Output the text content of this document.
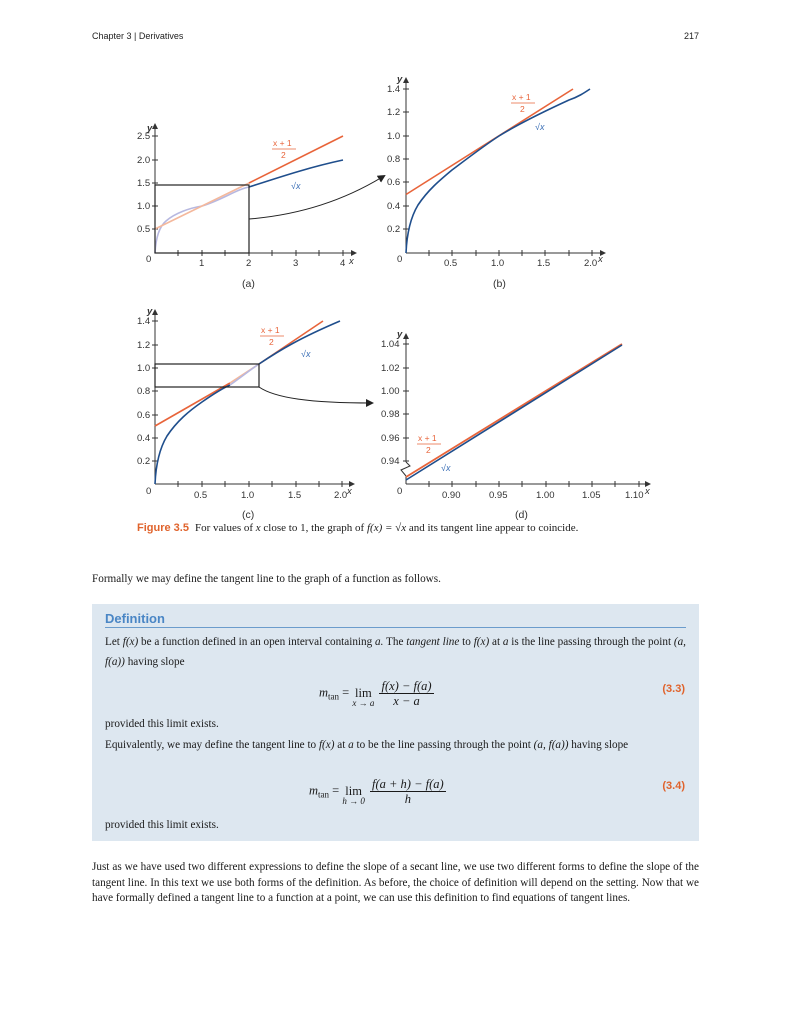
Chapter 3 | Derivatives	217
0	1	2	3	4 x
0.5
1.0
1.5
2.0
2.5
y
x + 1
2
√x
(a)
0	0.5	1.0	1.5	2.0 x
0.2
0.4
0.6
0.8
1.0
1.2
1.4
y
x + 1
2
√x
(b)
0	0.5	1.0	1.5	2.0 x
0.2
0.4
0.6
0.8
1.0
1.2
1.4
y
x + 1
2
√x
(c)
0	0.90	0.95	1.00	1.05	1.10 x
0.94
0.96
0.98
1.00
1.02
1.04
y
x + 1
2
√x
(d)
Figure 3.5 For values of x close to 1, the graph of f(x) = √x and its tangent line appear to coincide.
Formally we may define the tangent line to the graph of a function as follows.
Definition
Let f(x) be a function defined in an open interval containing a. The tangent line to f(x) at a is the line passing through the point (a, f(a)) having slope
$m_{tan} = \lim$
x → a
$\frac{f(x) - f(a)}{x - a}$	(3.3)
provided this limit exists.
Equivalently, we may define the tangent line to f(x) at a to be the line passing through the point (a, f(a)) having slope
$m_{tan} = \lim$
h → 0
$\frac{f(a + h) - f(a)}{h}$	(3.4)
provided this limit exists.
Just as we have used two different expressions to define the slope of a secant line, we use two different forms to define the slope of the tangent line. In this text we use both forms of the definition. As before, the choice of definition will depend on the setting. Now that we have formally defined a tangent line to a function at a point, we can use this definition to find equations of tangent lines.
